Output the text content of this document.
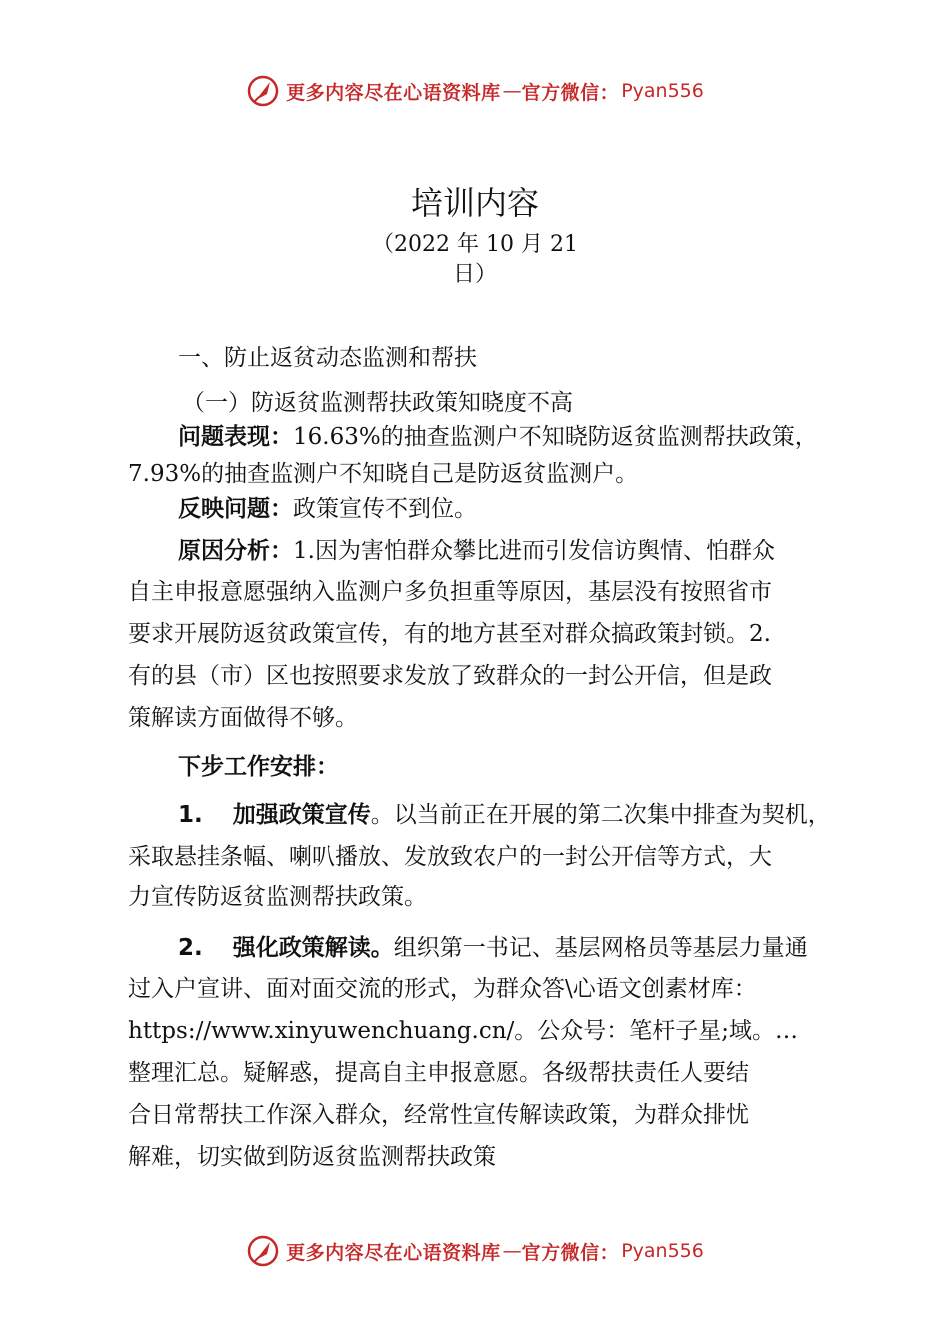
更多内容尽在心语资料库 — 官方微信： Pyan556
培训内容
（2022 年 10 月 21
日）
一、防止返贫动态监测和帮扶
（一）防返贫监测帮扶政策知晓度不高
问题表现：16.63%的抽查监测户不知晓防返贫监测帮扶政策，
7.93%的抽查监测户不知晓自己是防返贫监测户。
反映问题：政策宣传不到位。
原因分析：1.因为害怕群众攀比进而引发信访舆情、怕群众
自主申报意愿强纳入监测户多负担重等原因，基层没有按照省市
要求开展防返贫政策宣传，有的地方甚至对群众搞政策封锁。2.
有的县（市）区也按照要求发放了致群众的一封公开信，但是政
策解读方面做得不够。
下步工作安排：
1. 加强政策宣传。以当前正在开展的第二次集中排查为契机，
采取悬挂条幅、喇叭播放、发放致农户的一封公开信等方式，大
力宣传防返贫监测帮扶政策。
2. 强化政策解读。组织第一书记、基层网格员等基层力量通
过入户宣讲、面对面交流的形式，为群众答\心语文创素材库：
https://www.xinyuwenchuang.cn/。公众号：笔杆子星;域。…
整理汇总。疑解惑，提高自主申报意愿。各级帮扶责任人要结
合日常帮扶工作深入群众，经常性宣传解读政策，为群众排忧
解难，切实做到防返贫监测帮扶政策
更多内容尽在心语资料库 — 官方微信： Pyan556
